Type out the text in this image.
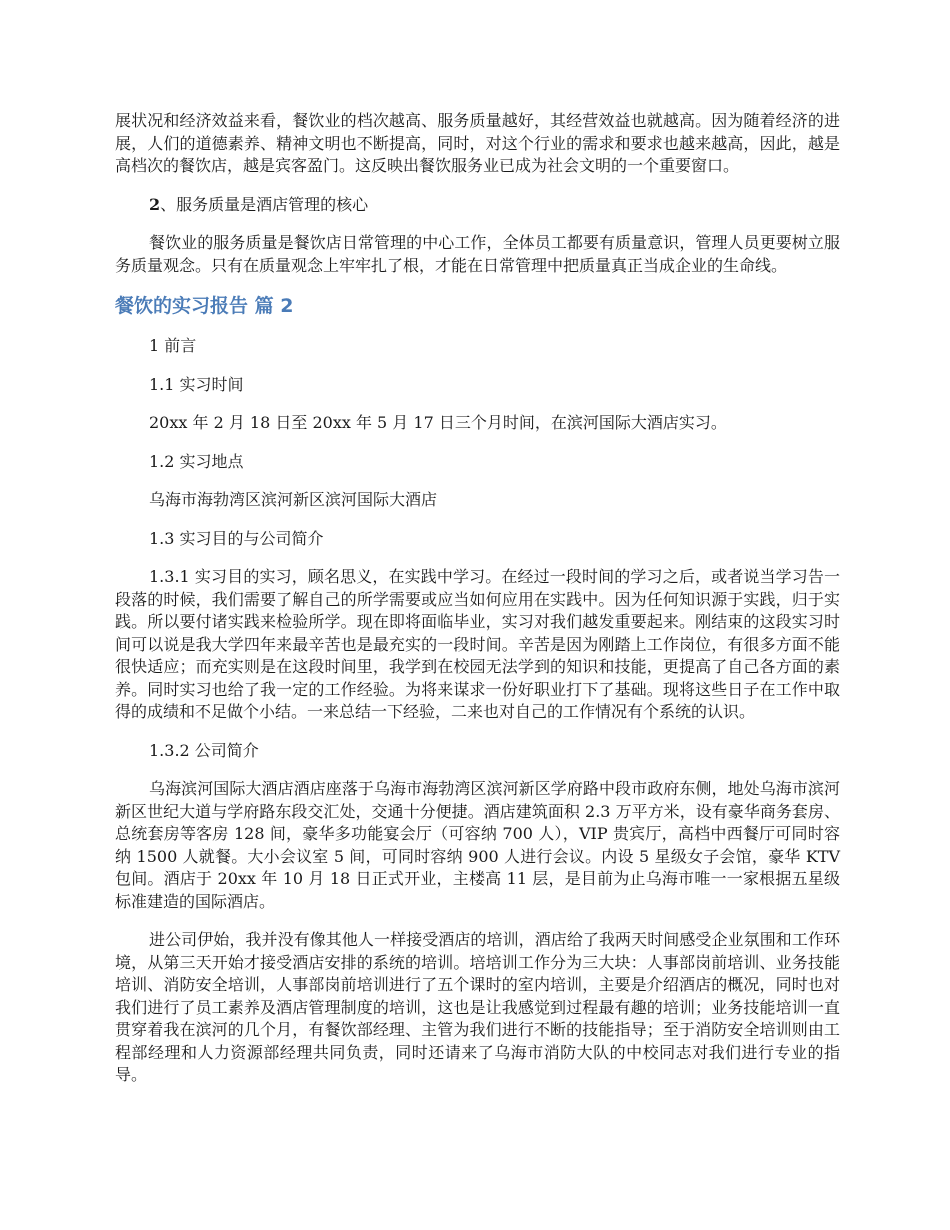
展状况和经济效益来看，餐饮业的档次越高、服务质量越好，其经营效益也就越高。因为随着经济的进展，人们的道德素养、精神文明也不断提高，同时，对这个行业的需求和要求也越来越高，因此，越是高档次的餐饮店，越是宾客盈门。这反映出餐饮服务业已成为社会文明的一个重要窗口。

2、服务质量是酒店管理的核心

餐饮业的服务质量是餐饮店日常管理的中心工作，全体员工都要有质量意识，管理人员更要树立服务质量观念。只有在质量观念上牢牢扎了根，才能在日常管理中把质量真正当成企业的生命线。

餐饮的实习报告 篇 2

1 前言

1.1 实习时间

20xx 年 2 月 18 日至 20xx 年 5 月 17 日三个月时间，在滨河国际大酒店实习。

1.2 实习地点

乌海市海勃湾区滨河新区滨河国际大酒店

1.3 实习目的与公司简介

1.3.1 实习目的实习，顾名思义，在实践中学习。在经过一段时间的学习之后，或者说当学习告一段落的时候，我们需要了解自己的所学需要或应当如何应用在实践中。因为任何知识源于实践，归于实践。所以要付诸实践来检验所学。现在即将面临毕业，实习对我们越发重要起来。刚结束的这段实习时间可以说是我大学四年来最辛苦也是最充实的一段时间。辛苦是因为刚踏上工作岗位，有很多方面不能很快适应；而充实则是在这段时间里，我学到在校园无法学到的知识和技能，更提高了自己各方面的素养。同时实习也给了我一定的工作经验。为将来谋求一份好职业打下了基础。现将这些日子在工作中取得的成绩和不足做个小结。一来总结一下经验，二来也对自己的工作情况有个系统的认识。

1.3.2 公司简介

乌海滨河国际大酒店酒店座落于乌海市海勃湾区滨河新区学府路中段市政府东侧，地处乌海市滨河新区世纪大道与学府路东段交汇处，交通十分便捷。酒店建筑面积 2.3 万平方米，设有豪华商务套房、总统套房等客房 128 间，豪华多功能宴会厅（可容纳 700 人），VIP 贵宾厅，高档中西餐厅可同时容纳 1500 人就餐。大小会议室 5 间，可同时容纳 900 人进行会议。内设 5 星级女子会馆，豪华 KTV 包间。酒店于 20xx 年 10 月 18 日正式开业，主楼高 11 层，是目前为止乌海市唯一一家根据五星级标准建造的国际酒店。

进公司伊始，我并没有像其他人一样接受酒店的培训，酒店给了我两天时间感受企业氛围和工作环境，从第三天开始才接受酒店安排的系统的培训。培培训工作分为三大块：人事部岗前培训、业务技能培训、消防安全培训，人事部岗前培训进行了五个课时的室内培训，主要是介绍酒店的概况，同时也对我们进行了员工素养及酒店管理制度的培训，这也是让我感觉到过程最有趣的培训；业务技能培训一直贯穿着我在滨河的几个月，有餐饮部经理、主管为我们进行不断的技能指导；至于消防安全培训则由工程部经理和人力资源部经理共同负责，同时还请来了乌海市消防大队的中校同志对我们进行专业的指导。
